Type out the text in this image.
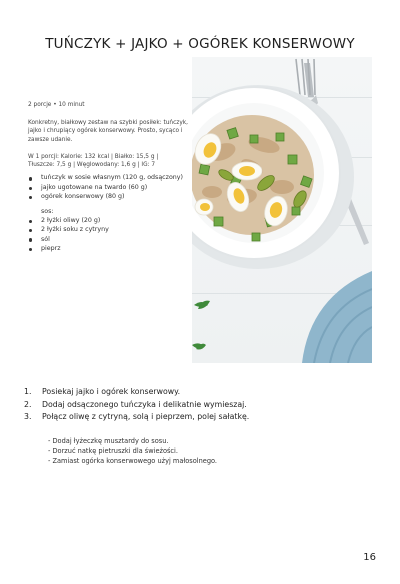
TUŃCZYK + JAJKO + OGÓREK KONSERWOWY
2 porcje • 10 minut
Konkretny, białkowy zestaw na szybki posiłek: tuńczyk, jajko i chrupiący ogórek konserwowy. Prosto, sycąco i zawsze udanie.
W 1 porcji: Kalorie: 132 kcal | Białko: 15,5 g |
Tłuszcze: 7,5 g | Węglowodany: 1,6 g | IG: 7
tuńczyk w sosie własnym (120 g, odsączony)
jajko ugotowane na twardo (60 g)
ogórek konserwowy (80 g)
sos:
2 łyżki oliwy (20 g)
2 łyżki soku z cytryny
sól
pieprz
1. Posiekaj jajko i ogórek konserwowy.
2. Dodaj odsączonego tuńczyka i delikatnie wymieszaj.
3. Połącz oliwę z cytryną, solą i pieprzem, polej sałatkę.
- Dodaj łyżeczkę musztardy do sosu.
- Dorzuć natkę pietruszki dla świeżości.
- Zamiast ogórka konserwowego użyj małosolnego.
16
